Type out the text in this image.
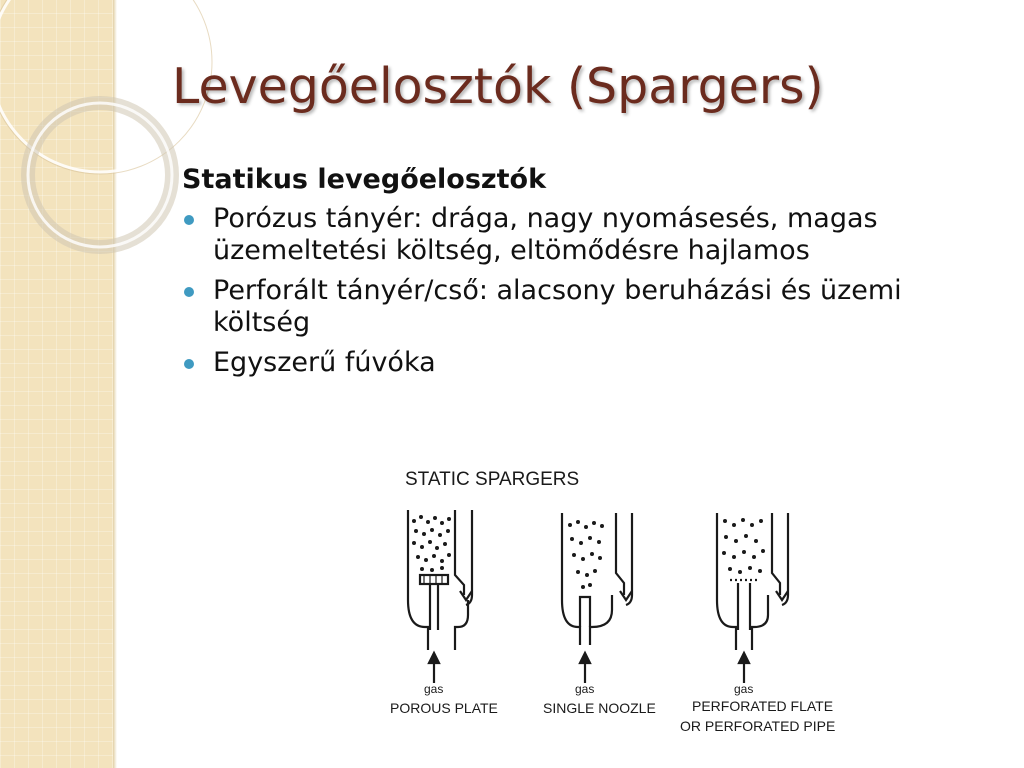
Levegőelosztók (Spargers)

Statikus levegőelosztók

Porózus tányér: drága, nagy nyomásesés, magas üzemeltetési költség, eltömődésre hajlamos
Perforált tányér/cső: alacsony beruházási és üzemi költség
Egyszerű fúvóka
STATIC SPARGERS
gas
POROUS PLATE
gas
SINGLE NOOZLE
gas
PERFORATED FLATE
OR PERFORATED PIPE
